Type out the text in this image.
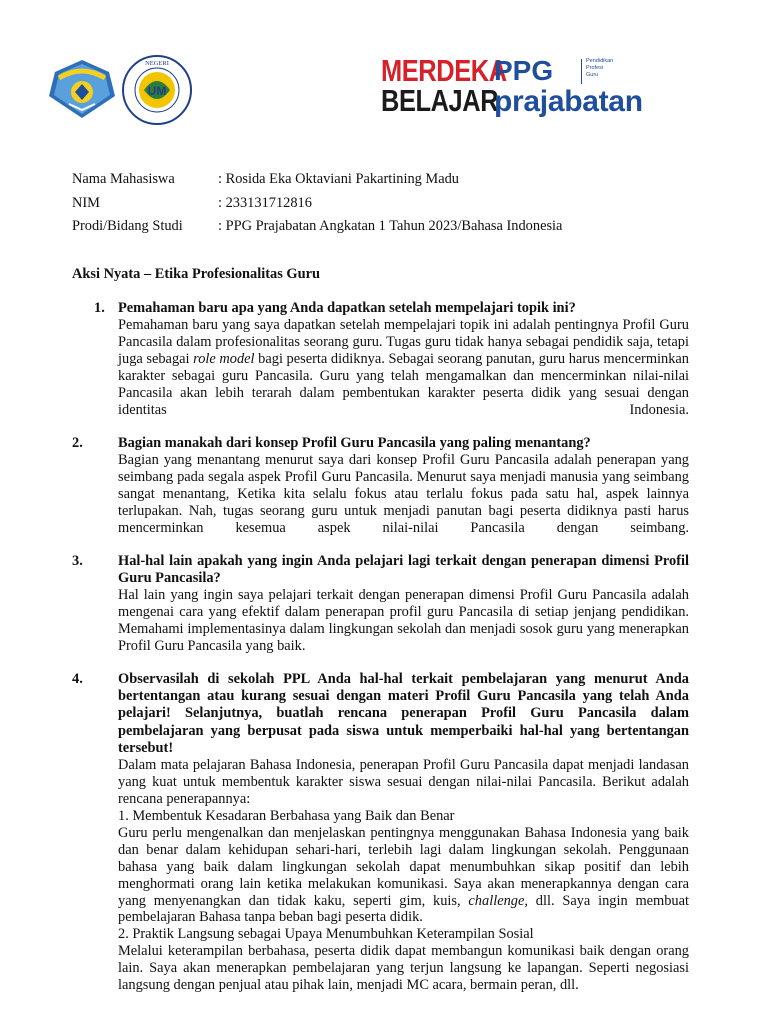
UM
NEGERI	MERDEKA
BELAJAR
PPG	Pendidikan
Profesi
Guru
prajabatan
Nama Mahasiswa	: Rosida Eka Oktaviani Pakartining Madu
NIM	: 233131712816
Prodi/Bidang Studi	: PPG Prajabatan Angkatan 1 Tahun 2023/Bahasa Indonesia
Aksi Nyata – Etika Profesionalitas Guru
1. Pemahaman baru apa yang Anda dapatkan setelah mempelajari topik ini?
Pemahaman baru yang saya dapatkan setelah mempelajari topik ini adalah pentingnya Profil Guru Pancasila dalam profesionalitas seorang guru. Tugas guru tidak hanya sebagai pendidik saja, tetapi juga sebagai role model bagi peserta didiknya. Sebagai seorang panutan, guru harus mencerminkan karakter sebagai guru Pancasila. Guru yang telah mengamalkan dan mencerminkan nilai-nilai Pancasila akan lebih terarah dalam pembentukan karakter peserta didik yang sesuai dengan identitas Indonesia.
2.	Bagian manakah dari konsep Profil Guru Pancasila yang paling menantang?
Bagian yang menantang menurut saya dari konsep Profil Guru Pancasila adalah penerapan yang seimbang pada segala aspek Profil Guru Pancasila. Menurut saya menjadi manusia yang seimbang sangat menantang, Ketika kita selalu fokus atau terlalu fokus pada satu hal, aspek lainnya terlupakan. Nah, tugas seorang guru untuk menjadi panutan bagi peserta didiknya pasti harus mencerminkan kesemua aspek nilai-nilai Pancasila dengan seimbang.
3.	Hal-hal lain apakah yang ingin Anda pelajari lagi terkait dengan penerapan dimensi Profil Guru Pancasila?
Hal lain yang ingin saya pelajari terkait dengan penerapan dimensi Profil Guru Pancasila adalah mengenai cara yang efektif dalam penerapan profil guru Pancasila di setiap jenjang pendidikan. Memahami implementasinya dalam lingkungan sekolah dan menjadi sosok guru yang menerapkan Profil Guru Pancasila yang baik.
4.	Observasilah di sekolah PPL Anda hal-hal terkait pembelajaran yang menurut Anda bertentangan atau kurang sesuai dengan materi Profil Guru Pancasila yang telah Anda pelajari! Selanjutnya, buatlah rencana penerapan Profil Guru Pancasila dalam pembelajaran yang berpusat pada siswa untuk memperbaiki hal-hal yang bertentangan tersebut!
Dalam mata pelajaran Bahasa Indonesia, penerapan Profil Guru Pancasila dapat menjadi landasan yang kuat untuk membentuk karakter siswa sesuai dengan nilai-nilai Pancasila. Berikut adalah rencana penerapannya:
1. Membentuk Kesadaran Berbahasa yang Baik dan Benar
Guru perlu mengenalkan dan menjelaskan pentingnya menggunakan Bahasa Indonesia yang baik dan benar dalam kehidupan sehari-hari, terlebih lagi dalam lingkungan sekolah. Penggunaan bahasa yang baik dalam lingkungan sekolah dapat menumbuhkan sikap positif dan lebih menghormati orang lain ketika melakukan komunikasi. Saya akan menerapkannya dengan cara yang menyenangkan dan tidak kaku, seperti gim, kuis, challenge, dll. Saya ingin membuat pembelajaran Bahasa tanpa beban bagi peserta didik.
2. Praktik Langsung sebagai Upaya Menumbuhkan Keterampilan Sosial
Melalui keterampilan berbahasa, peserta didik dapat membangun komunikasi baik dengan orang lain. Saya akan menerapkan pembelajaran yang terjun langsung ke lapangan. Seperti negosiasi langsung dengan penjual atau pihak lain, menjadi MC acara, bermain peran, dll.
